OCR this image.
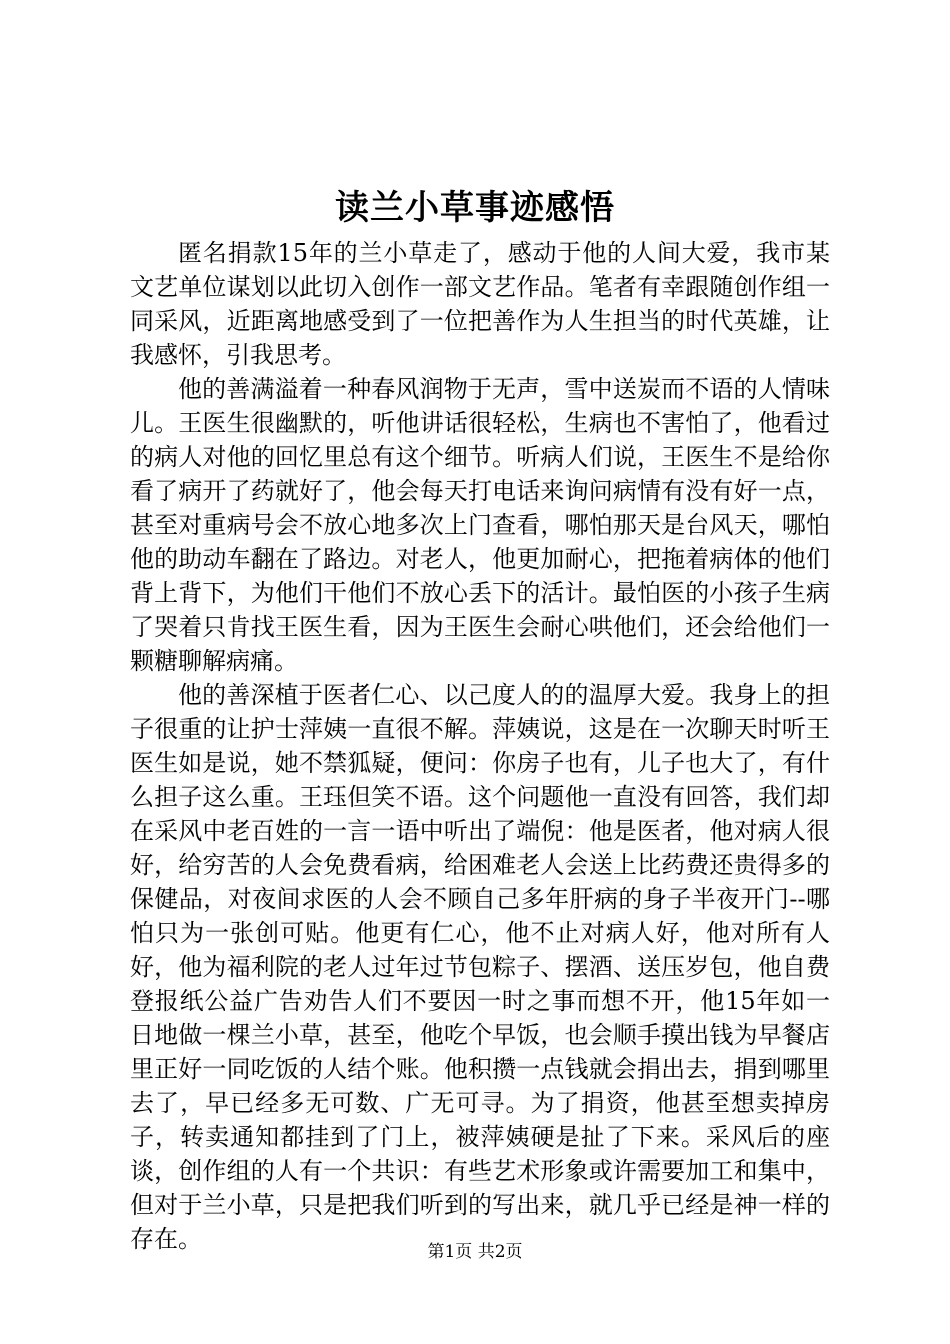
读兰小草事迹感悟

匿名捐款15年的兰小草走了，感动于他的人间大爱，我市某文艺单位谋划以此切入创作一部文艺作品。笔者有幸跟随创作组一同采风，近距离地感受到了一位把善作为人生担当的时代英雄，让我感怀，引我思考。

他的善满溢着一种春风润物于无声，雪中送炭而不语的人情味儿。王医生很幽默的，听他讲话很轻松，生病也不害怕了，他看过的病人对他的回忆里总有这个细节。听病人们说，王医生不是给你看了病开了药就好了，他会每天打电话来询问病情有没有好一点，甚至对重病号会不放心地多次上门查看，哪怕那天是台风天，哪怕他的助动车翻在了路边。对老人，他更加耐心，把拖着病体的他们背上背下，为他们干他们不放心丢下的活计。最怕医的小孩子生病了哭着只肯找王医生看，因为王医生会耐心哄他们，还会给他们一颗糖聊解病痛。

他的善深植于医者仁心、以己度人的的温厚大爱。我身上的担子很重的让护士萍姨一直很不解。萍姨说，这是在一次聊天时听王医生如是说，她不禁狐疑，便问：你房子也有，儿子也大了，有什么担子这么重。王珏但笑不语。这个问题他一直没有回答，我们却在采风中老百姓的一言一语中听出了端倪：他是医者，他对病人很好，给穷苦的人会免费看病，给困难老人会送上比药费还贵得多的保健品，对夜间求医的人会不顾自己多年肝病的身子半夜开门--哪怕只为一张创可贴。他更有仁心，他不止对病人好，他对所有人好，他为福利院的老人过年过节包粽子、摆酒、送压岁包，他自费登报纸公益广告劝告人们不要因一时之事而想不开，他15年如一日地做一棵兰小草，甚至，他吃个早饭，也会顺手摸出钱为早餐店里正好一同吃饭的人结个账。他积攒一点钱就会捐出去，捐到哪里去了，早已经多无可数、广无可寻。为了捐资，他甚至想卖掉房子，转卖通知都挂到了门上，被萍姨硬是扯了下来。采风后的座谈，创作组的人有一个共识：有些艺术形象或许需要加工和集中，但对于兰小草，只是把我们听到的写出来，就几乎已经是神一样的存在。	第1页 共2页
